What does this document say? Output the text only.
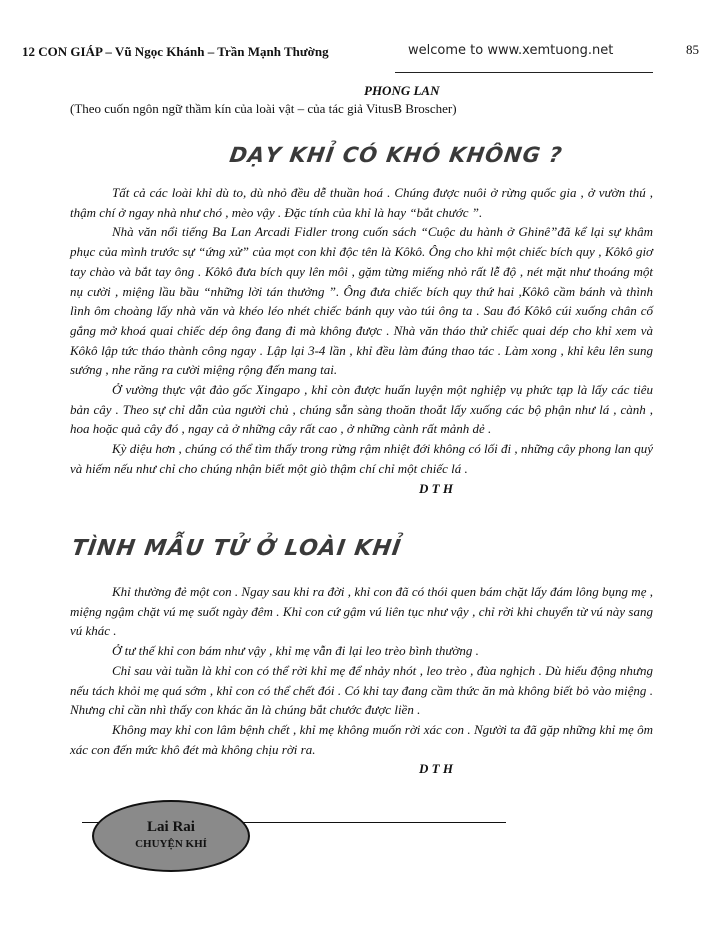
12 CON GIÁP – Vũ Ngọc Khánh – Trần Mạnh Thường	welcome to www.xemtuong.net	85
PHONG LAN
(Theo cuốn ngôn ngữ thầm kín của loài vật – của tác giả VitusB Broscher)
DẠY KHỈ CÓ KHÓ KHÔNG ?

Tất cả các loài khỉ dù to, dù nhỏ đều dễ thuần hoá . Chúng được nuôi ở rừng quốc gia , ở vườn thú , thậm chí ở ngay nhà như chó , mèo vậy . Đặc tính của khỉ là hay “bắt chước ”.

Nhà văn nổi tiếng Ba Lan Arcadi Fidler trong cuốn sách “Cuộc du hành ở Ghinê”đã kể lại sự khâm phục của mình trước sự “ứng xử” của mọt con khỉ độc tên là Kôkô. Ông cho khỉ một chiếc bích quy , Kôkô giơ tay chào và bắt tay ông . Kôkô đưa bích quy lên môi , gặm từng miếng nhỏ rất lễ độ , nét mặt như thoáng một nụ cười , miệng lầu bầu “những lời tán thưởng ”. Ông đưa chiếc bích quy thứ hai ,Kôkô cầm bánh và thình lình ôm choàng lấy nhà văn và khéo léo nhét chiếc bánh quy vào túi ông ta . Sau đó Kôkô cúi xuống chân cố gắng mở khoá quai chiếc dép ông đang đi mà không được . Nhà văn tháo thử chiếc quai dép cho khỉ xem và Kôkô lập tức tháo thành công ngay . Lập lại 3-4 lần , khỉ đều làm đúng thao tác . Làm xong , khỉ kêu lên sung sướng , nhe răng ra cười miệng rộng đến mang tai.

Ở vường thực vật đảo gốc Xingapo , khỉ còn được huấn luyện một nghiệp vụ phức tạp là lấy các tiêu bản cây . Theo sự chỉ dẫn của người chủ , chúng sẵn sàng thoăn thoắt lấy xuống các bộ phận như lá , cành , hoa hoặc quả cây đó , ngay cả ở những cây rất cao , ở những cành rất mảnh dẻ .

Kỳ diệu hơn , chúng có thể tìm thấy trong rừng rậm nhiệt đới không có lối đi , những cây phong lan quý và hiếm nếu như chỉ cho chúng nhận biết một giò thậm chí chỉ một chiếc lá .

D T H

TÌNH MẪU TỬ Ở LOÀI KHỈ

Khỉ thường đẻ một con . Ngay sau khi ra đời , khỉ con đã có thói quen bám chặt lấy đám lông bụng mẹ , miệng ngậm chặt vú mẹ suốt ngày đêm . Khỉ con cứ gậm vú liên tục như vậy , chỉ rời khi chuyển từ vú này sang vú khác .

Ở tư thế khỉ con bám như vậy , khỉ mẹ vẫn đi lại leo trèo bình thường .

Chỉ sau vài tuần là khỉ con có thể rời khỉ mẹ để nhảy nhót , leo trèo , đùa nghịch . Dù hiếu động nhưng nếu tách khỏi mẹ quá sớm , khỉ con có thể chết đói . Có khi tay đang cầm thức ăn mà không biết bỏ vào miệng . Nhưng chỉ cần nhì thấy con khác ăn là chúng bắt chước được liền .

Không may khỉ con lâm bệnh chết , khỉ mẹ không muốn rời xác con . Người ta đã gặp những khỉ mẹ ôm xác con đến mức khô đét mà không chịu rời ra.

D T H

Lai Rai
CHUYỆN KHỈ
